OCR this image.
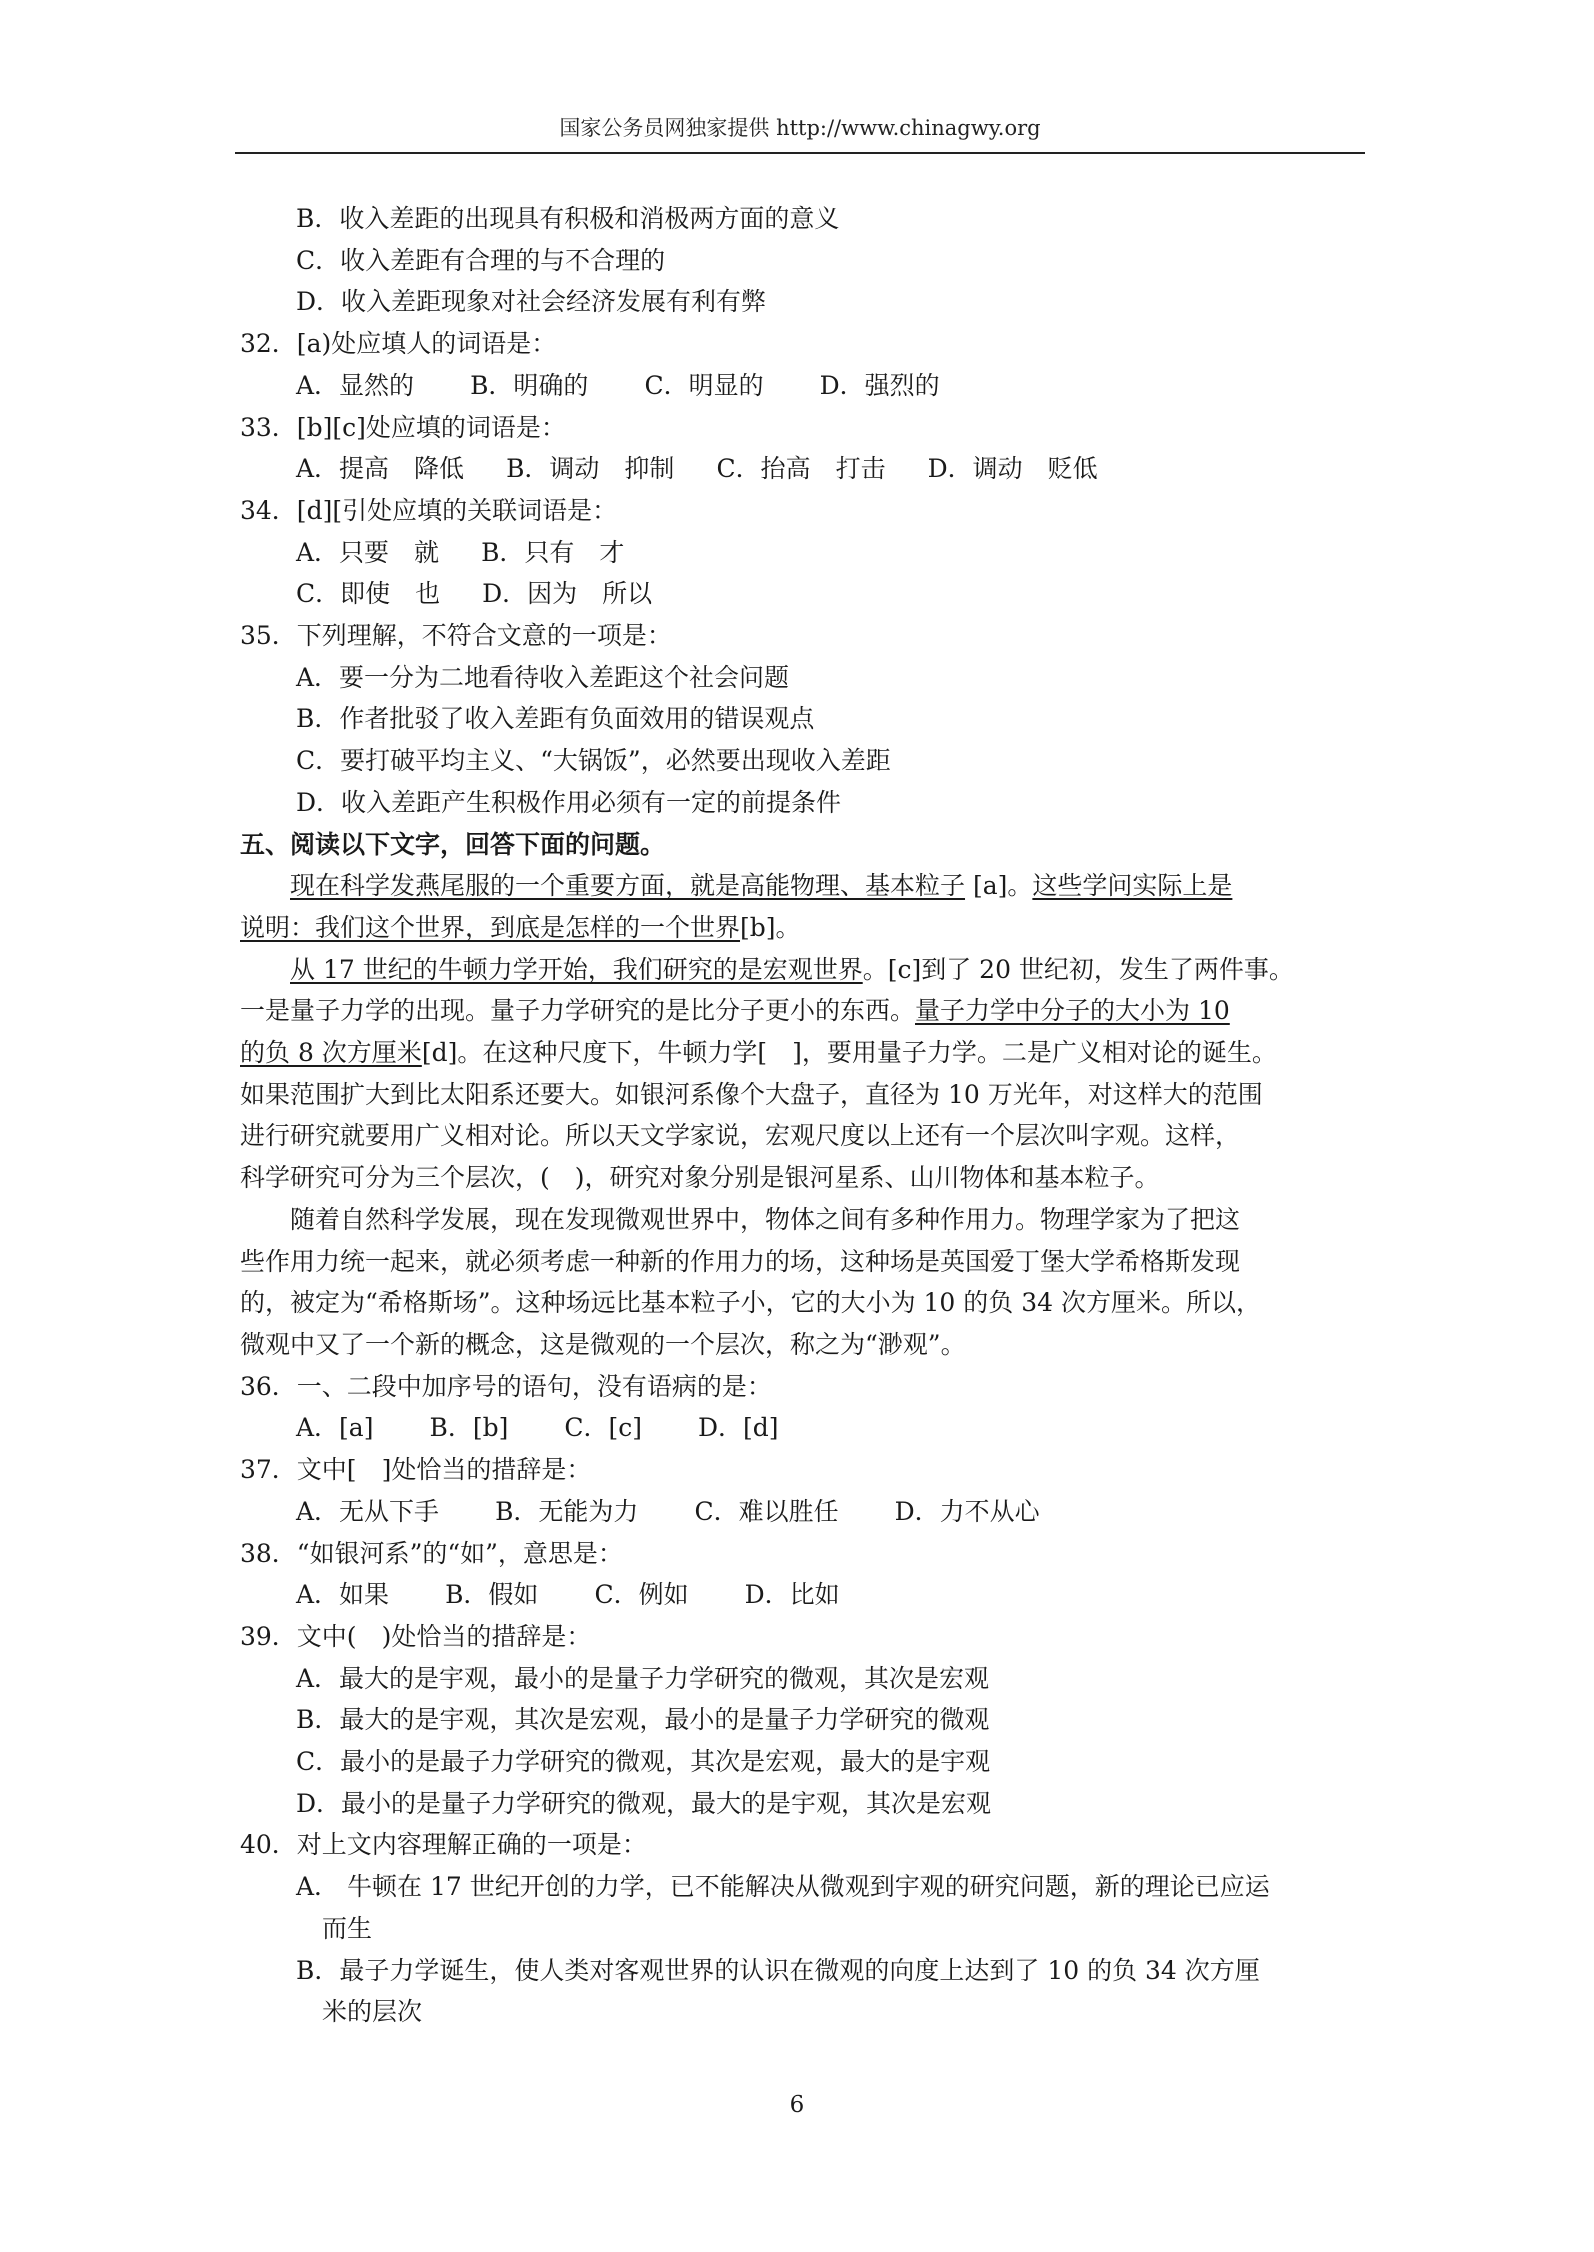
国家公务员网独家提供 http://www.chinagwy.org
B．收入差距的出现具有积极和消极两方面的意义
C．收入差距有合理的与不合理的
D．收入差距现象对社会经济发展有利有弊
32．[a)处应填人的词语是：
A．显然的 B．明确的 C．明显的 D．强烈的
33．[b][c]处应填的词语是：
A．提高　降低 B．调动　抑制 C．抬高　打击 D．调动　贬低
34．[d][引处应填的关联词语是：
A．只要　就 B．只有　才
C．即使　也 D．因为　所以
35．下列理解，不符合文意的一项是：
A．要一分为二地看待收入差距这个社会问题
B．作者批驳了收入差距有负面效用的错误观点
C．要打破平均主义、“大锅饭”，必然要出现收入差距
D．收入差距产生积极作用必须有一定的前提条件
五、阅读以下文字，回答下面的问题。
现在科学发燕尾服的一个重要方面，就是高能物理、基本粒子 [a]。这些学问实际上是
说明：我们这个世界，到底是怎样的一个世界[b]。
从 17 世纪的牛顿力学开始，我们研究的是宏观世界。[c]到了 20 世纪初，发生了两件事。
一是量子力学的出现。量子力学研究的是比分子更小的东西。量子力学中分子的大小为 10
的负 8 次方厘米[d]。在这种尺度下，牛顿力学[　]，要用量子力学。二是广义相对论的诞生。
如果范围扩大到比太阳系还要大。如银河系像个大盘子，直径为 10 万光年，对这样大的范围
进行研究就要用广义相对论。所以天文学家说，宏观尺度以上还有一个层次叫字观。这样，
科学研究可分为三个层次，(　)，研究对象分别是银河星系、山川物体和基本粒子。
随着自然科学发展，现在发现微观世界中，物体之间有多种作用力。物理学家为了把这
些作用力统一起来，就必须考虑一种新的作用力的场，这种场是英国爱丁堡大学希格斯发现
的，被定为“希格斯场”。这种场远比基本粒子小，它的大小为 10 的负 34 次方厘米。所以，
微观中又了一个新的概念，这是微观的一个层次，称之为“渺观”。
36．一、二段中加序号的语句，没有语病的是：
A．[a] B．[b] C．[c] D．[d]
37．文中[　]处恰当的措辞是：
A．无从下手 B．无能为力 C．难以胜任 D．力不从心
38．“如银河系”的“如”，意思是：
A．如果 B．假如 C．例如 D．比如
39．文中(　)处恰当的措辞是：
A．最大的是宇观，最小的是量子力学研究的微观，其次是宏观
B．最大的是宇观，其次是宏观，最小的是量子力学研究的微观
C．最小的是最子力学研究的微观，其次是宏观，最大的是宇观
D．最小的是量子力学研究的微观，最大的是宇观，其次是宏观
40．对上文内容理解正确的一项是：
A． 牛顿在 17 世纪开创的力学，已不能解决从微观到宇观的研究问题，新的理论已应运
而生
B．最子力学诞生，使人类对客观世界的认识在微观的向度上达到了 10 的负 34 次方厘
米的层次
6
